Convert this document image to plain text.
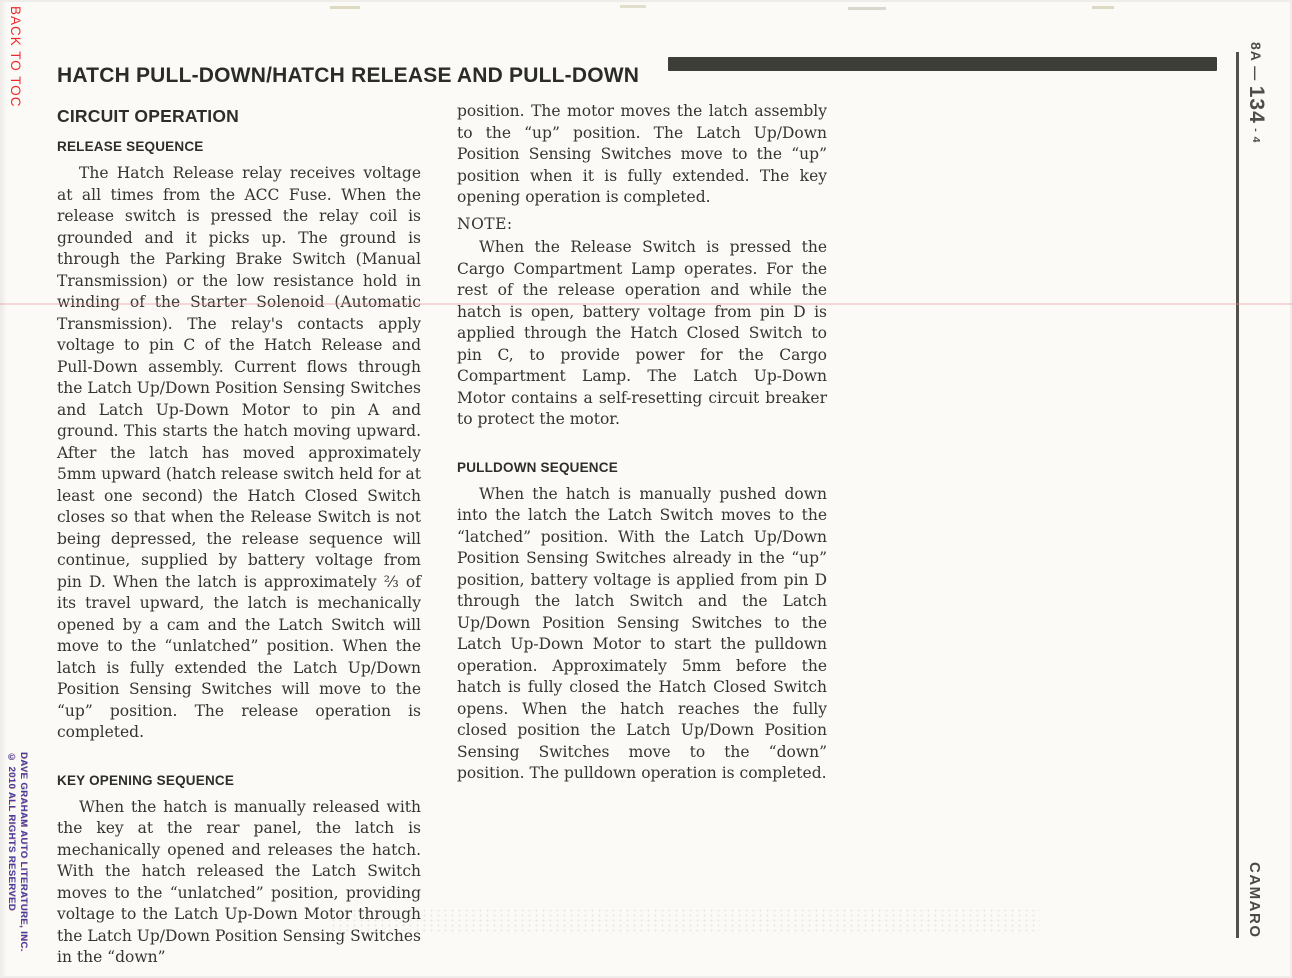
BACK TO TOC
DAVE GRAHAM AUTO LITERATURE, INC.
© 2010 ALL RIGHTS RESERVED
8A — 134 - 4
CAMARO
HATCH PULL-DOWN/HATCH RELEASE AND PULL-DOWN
CIRCUIT OPERATION
RELEASE SEQUENCE

The Hatch Release relay receives voltage at all times from the ACC Fuse. When the release switch is pressed the relay coil is grounded and it picks up. The ground is through the Parking Brake Switch (Manual Transmission) or the low resistance hold in winding of the Starter Solenoid (Automatic Transmission). The relay's contacts apply voltage to pin C of the Hatch Release and Pull-Down assembly. Current flows through the Latch Up/Down Position Sensing Switches and Latch Up-Down Motor to pin A and ground. This starts the hatch moving upward. After the latch has moved approximately 5mm upward (hatch release switch held for at least one second) the Hatch Closed Switch closes so that when the Release Switch is not being depressed, the release sequence will continue, supplied by battery voltage from pin D. When the latch is approximately ⅔ of its travel upward, the latch is mechanically opened by a cam and the Latch Switch will move to the “unlatched” position. When the latch is fully extended the Latch Up/Down Position Sensing Switches will move to the “up” position. The release operation is completed.

KEY OPENING SEQUENCE

When the hatch is manually released with the key at the rear panel, the latch is mechanically opened and releases the hatch. With the hatch released the Latch Switch moves to the “unlatched” position, providing voltage to the Latch Up-Down Motor through the Latch Up/Down Position Sensing Switches in the “down”

position. The motor moves the latch assembly to the “up” position. The Latch Up/Down Position Sensing Switches move to the “up” position when it is fully extended. The key opening operation is completed.

NOTE:

When the Release Switch is pressed the Cargo Compartment Lamp operates. For the rest of the release operation and while the hatch is open, battery voltage from pin D is applied through the Hatch Closed Switch to pin C, to provide power for the Cargo Compartment Lamp. The Latch Up-Down Motor contains a self-resetting circuit breaker to protect the motor.

PULLDOWN SEQUENCE

When the hatch is manually pushed down into the latch the Latch Switch moves to the “latched” position. With the Latch Up/Down Position Sensing Switches already in the “up” position, battery voltage is applied from pin D through the latch Switch and the Latch Up/Down Position Sensing Switches to the Latch Up-Down Motor to start the pulldown operation. Approximately 5mm before the hatch is fully closed the Hatch Closed Switch opens. When the hatch reaches the fully closed position the Latch Up/Down Position Sensing Switches move to the “down” position. The pulldown operation is completed.
